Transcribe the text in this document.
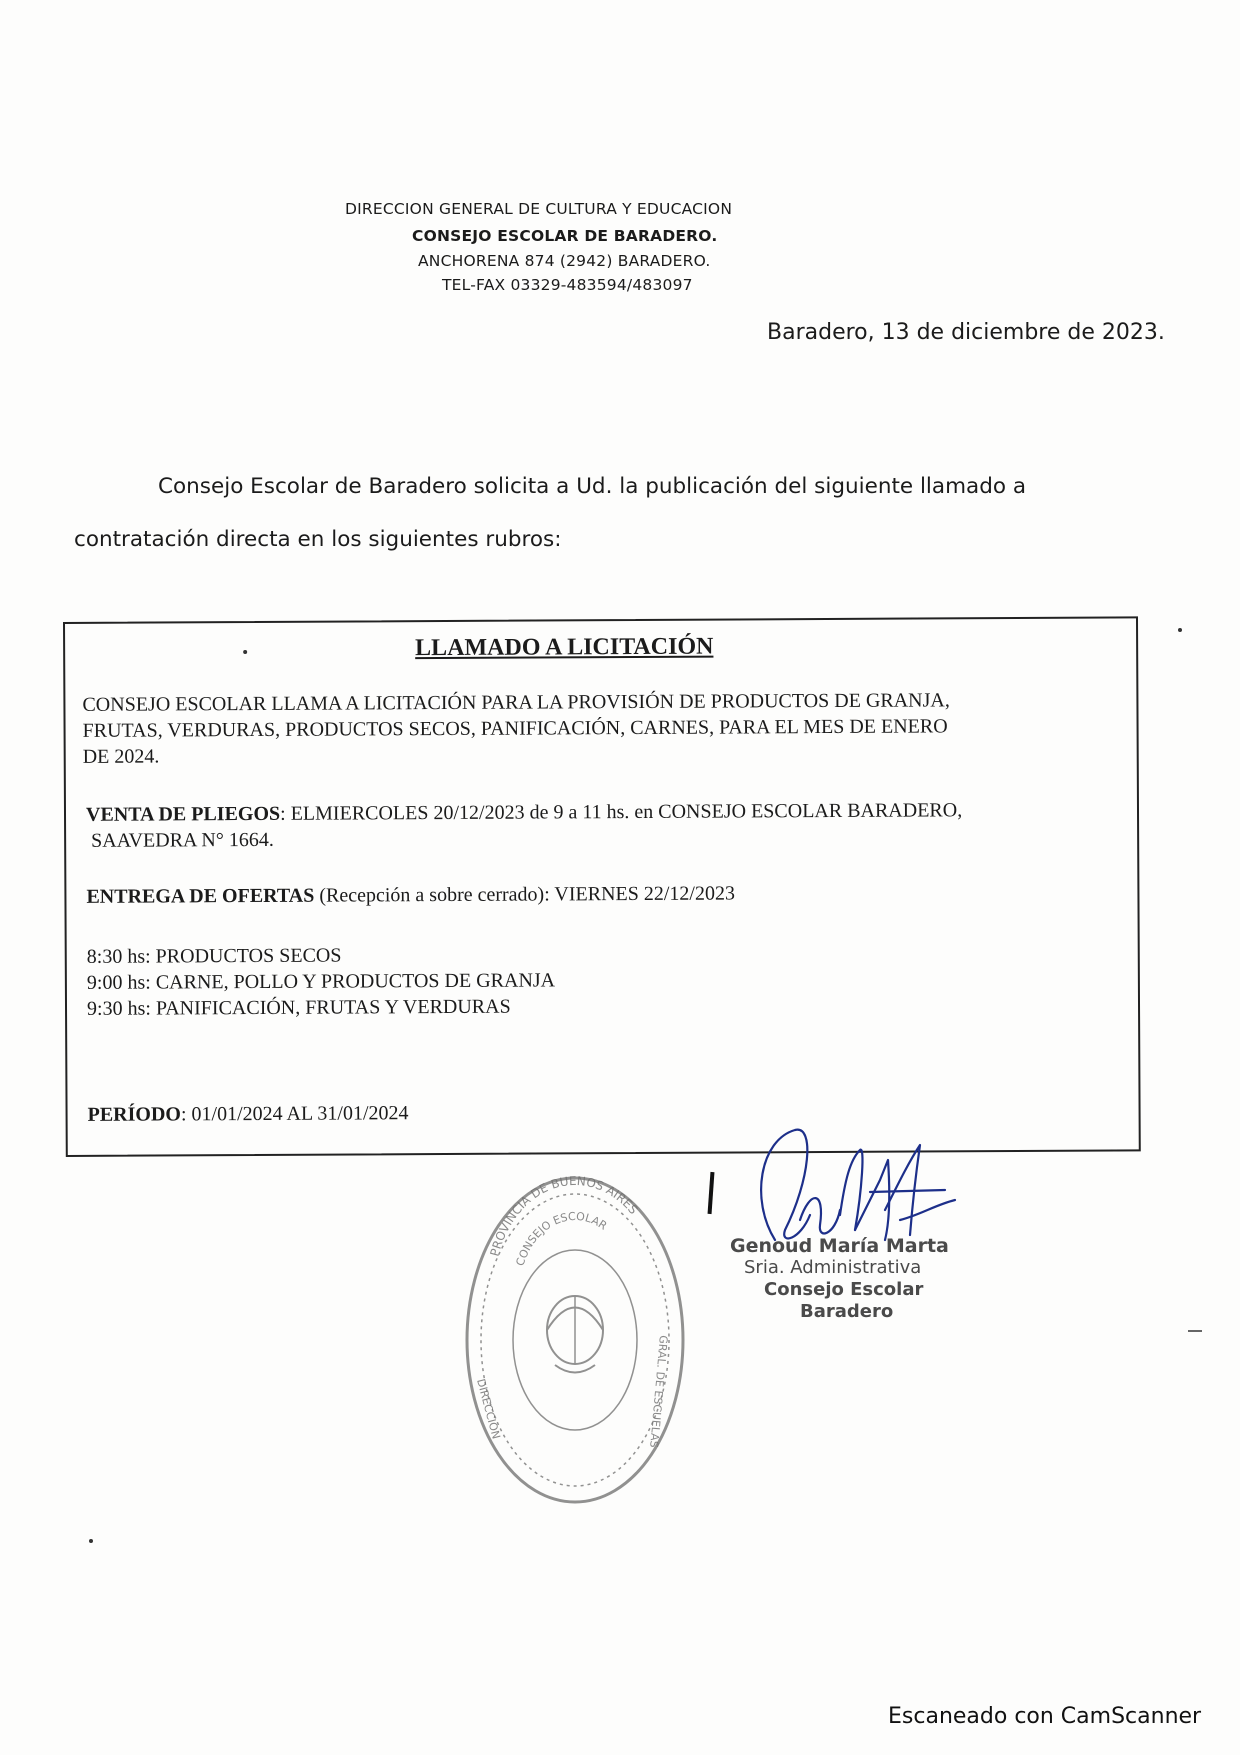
DIRECCION GENERAL DE CULTURA Y EDUCACION
CONSEJO ESCOLAR DE BARADERO.
ANCHORENA 874 (2942) BARADERO.
TEL-FAX 03329-483594/483097
Baradero, 13 de diciembre de 2023.
Consejo Escolar de Baradero solicita a Ud. la publicación del siguiente llamado a
contratación directa en los siguientes rubros:
LLAMADO A LICITACIÓN
CONSEJO ESCOLAR LLAMA A LICITACIÓN PARA LA PROVISIÓN DE PRODUCTOS DE GRANJA,
FRUTAS, VERDURAS, PRODUCTOS SECOS, PANIFICACIÓN, CARNES, PARA EL MES DE ENERO
DE 2024.
VENTA DE PLIEGOS: ELMIERCOLES 20/12/2023 de 9 a 11 hs. en CONSEJO ESCOLAR BARADERO,
SAAVEDRA N° 1664.
ENTREGA DE OFERTAS (Recepción a sobre cerrado): VIERNES 22/12/2023
8:30 hs: PRODUCTOS SECOS
9:00 hs: CARNE, POLLO Y PRODUCTOS DE GRANJA
9:30 hs: PANIFICACIÓN, FRUTAS Y VERDURAS
PERÍODO: 01/01/2024 AL 31/01/2024
PROVINCIA DE BUENOS AIRES
CONSEJO ESCOLAR
DIRECCION	GRAL. DE ESCUELAS
Genoud María Marta
Sria. Administrativa
Consejo Escolar
Baradero
Escaneado con CamScanner
